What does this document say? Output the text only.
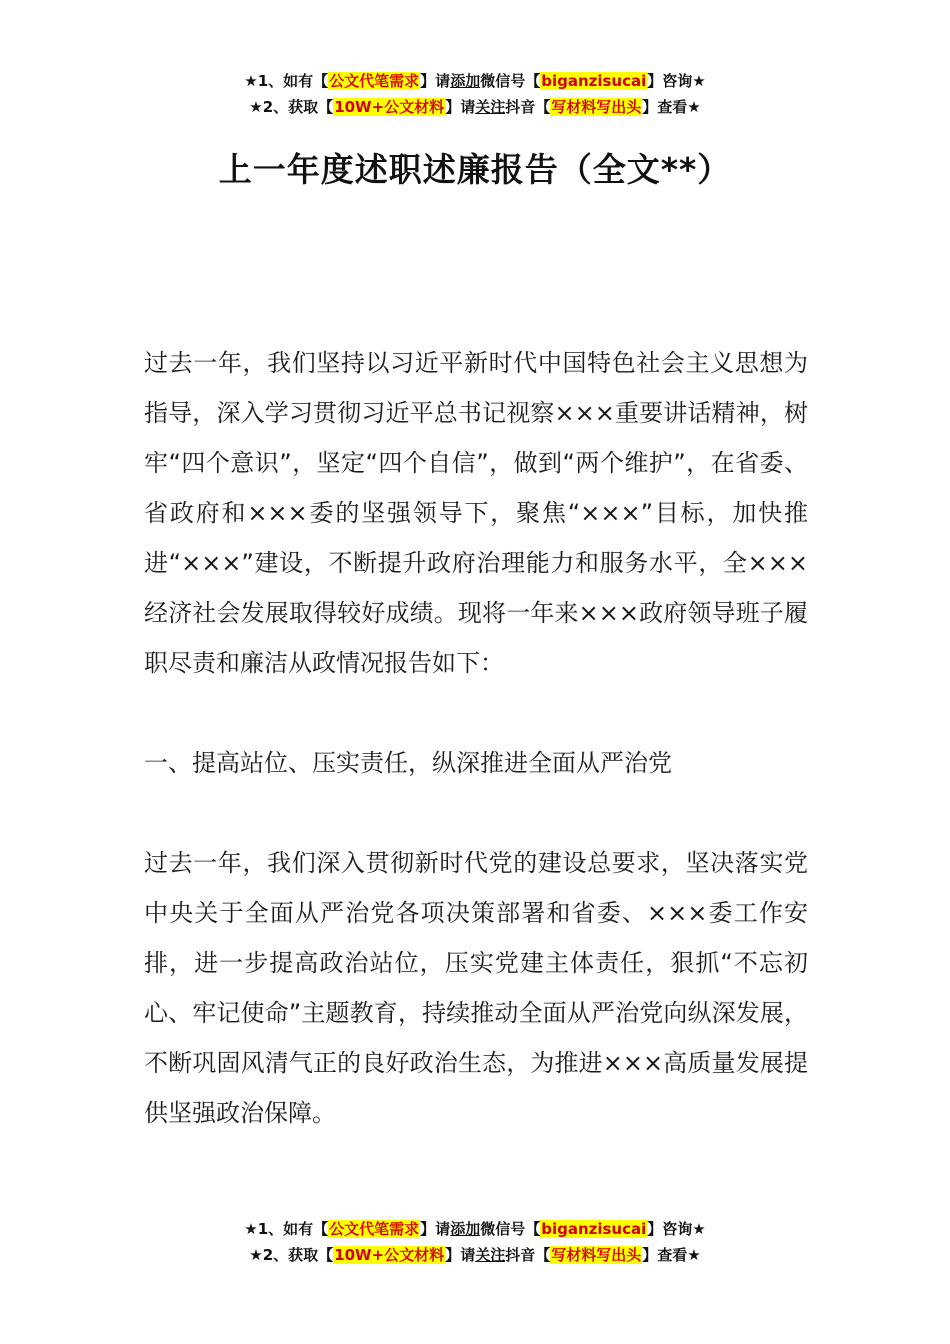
★1、如有【公文代笔需求】请添加微信号【biganzisucai】咨询★
★2、获取【10W+公文材料】请关注抖音【写材料写出头】查看★
上一年度述职述廉报告（全文**）

过去一年，我们坚持以习近平新时代中国特色社会主义思想为指导，深入学习贯彻习近平总书记视察×××重要讲话精神，树牢“四个意识”，坚定“四个自信”，做到“两个维护”，在省委、省政府和×××委的坚强领导下，聚焦“×××”目标，加快推进“×××”建设，不断提升政府治理能力和服务水平，全×××经济社会发展取得较好成绩。现将一年来×××政府领导班子履职尽责和廉洁从政情况报告如下：

一、提高站位、压实责任，纵深推进全面从严治党

过去一年，我们深入贯彻新时代党的建设总要求，坚决落实党中央关于全面从严治党各项决策部署和省委、×××委工作安排，进一步提高政治站位，压实党建主体责任，狠抓“不忘初心、牢记使命”主题教育，持续推动全面从严治党向纵深发展，不断巩固风清气正的良好政治生态，为推进×××高质量发展提供坚强政治保障。

★1、如有【公文代笔需求】请添加微信号【biganzisucai】咨询★
★2、获取【10W+公文材料】请关注抖音【写材料写出头】查看★
